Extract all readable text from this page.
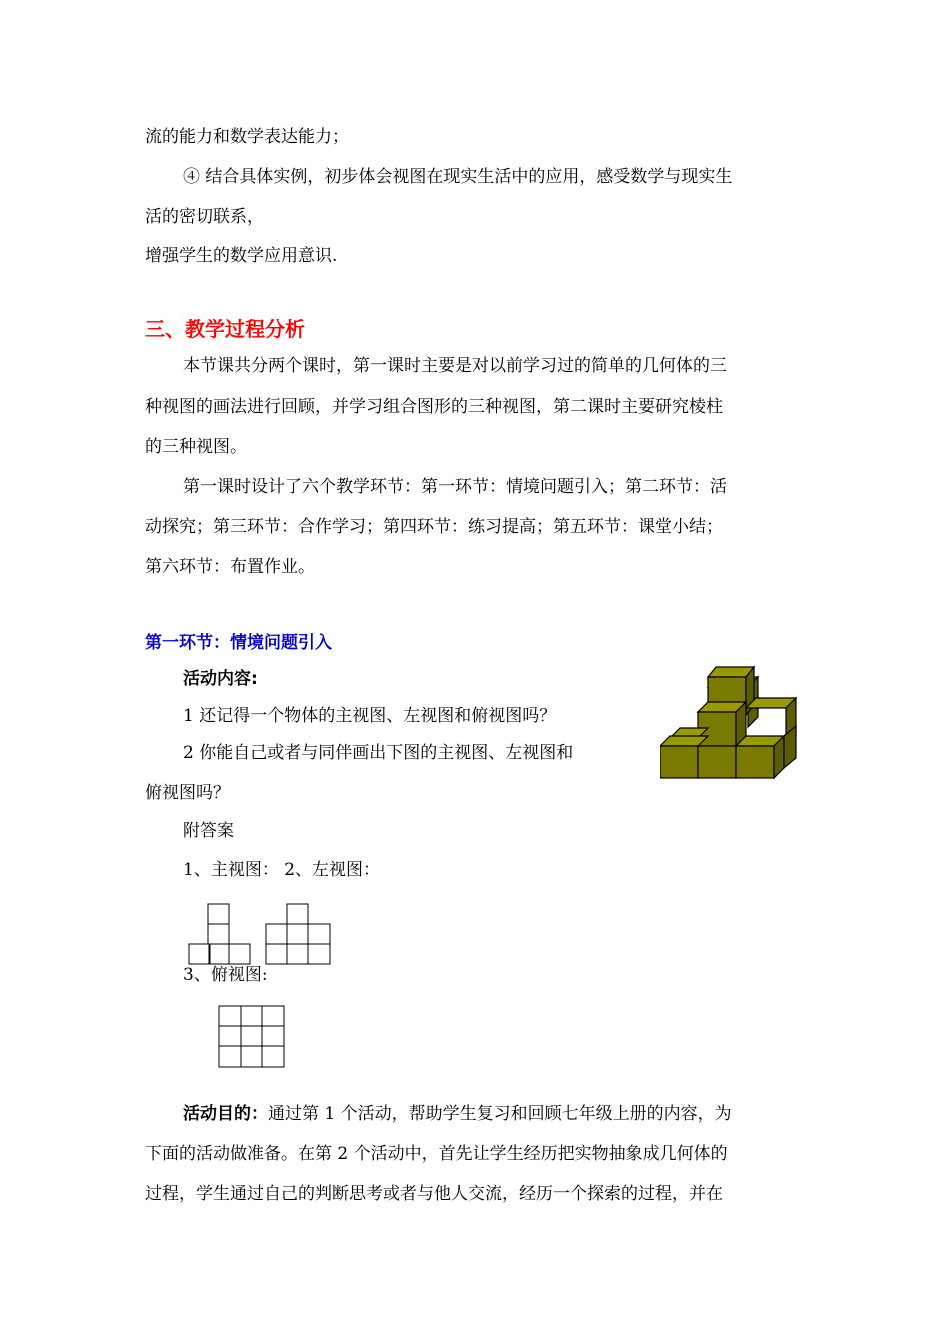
流的能力和数学表达能力；
④ 结合具体实例，初步体会视图在现实生活中的应用，感受数学与现实生
活的密切联系，
增强学生的数学应用意识.
三、教学过程分析
本节课共分两个课时，第一课时主要是对以前学习过的简单的几何体的三
种视图的画法进行回顾，并学习组合图形的三种视图，第二课时主要研究棱柱
的三种视图。
第一课时设计了六个教学环节：第一环节：情境问题引入；第二环节：活
动探究；第三环节：合作学习；第四环节：练习提高；第五环节：课堂小结；
第六环节：布置作业。
第一环节：情境问题引入
活动内容:
1 还记得一个物体的主视图、左视图和俯视图吗？
2 你能自己或者与同伴画出下图的主视图、左视图和
俯视图吗？
附答案
1、主视图： 2、左视图：
3、俯视图:
活动目的：通过第 1 个活动，帮助学生复习和回顾七年级上册的内容，为
下面的活动做准备。在第 2 个活动中，首先让学生经历把实物抽象成几何体的
过程，学生通过自己的判断思考或者与他人交流，经历一个探索的过程，并在
